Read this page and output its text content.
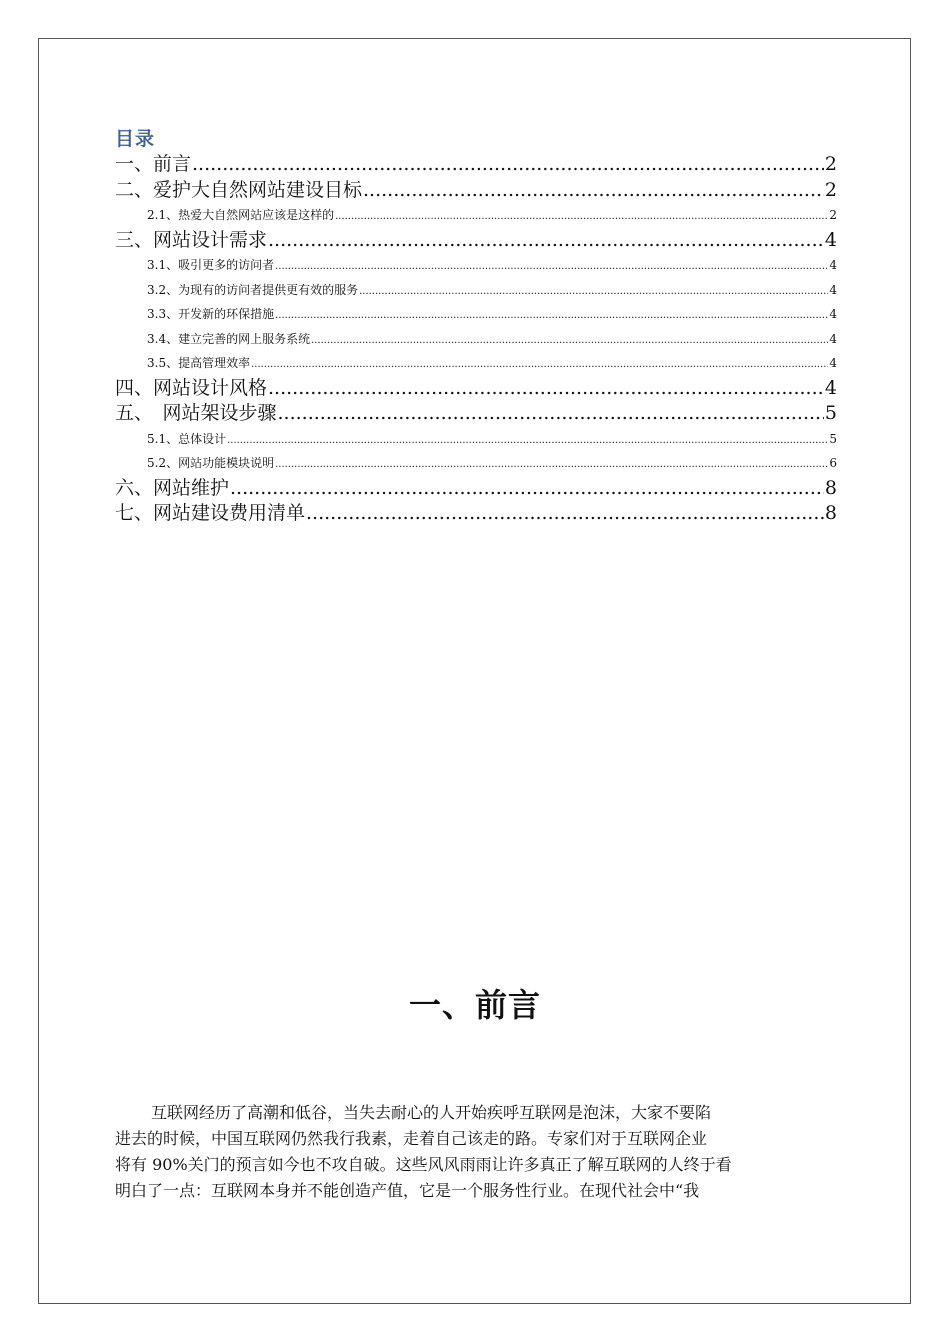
目录
一、前言 .....	2
二、爱护大自然网站建设目标 .....	2
2.1、热爱大自然网站应该是这样的 .....	2
三、网站设计需求 .....	4
3.1、吸引更多的访问者 .....	4
3.2、为现有的访问者提供更有效的服务 .....	4
3.3、开发新的环保措施 .....	4
3.4、建立完善的网上服务系统 .....	4
3.5、提高管理效率 .....	4
四、网站设计风格 .....	4
五、　网站架设步骤 .....	5
5.1、总体设计 .....	5
5.2、网站功能模块说明 .....	6
六、网站维护 .....	8
七、网站建设费用清单 .....	8
一、前言
互联网经历了高潮和低谷，当失去耐心的人开始疾呼互联网是泡沫，大家不要陷
进去的时候，中国互联网仍然我行我素，走着自己该走的路。专家们对于互联网企业
将有 90%关门的预言如今也不攻自破。这些风风雨雨让许多真正了解互联网的人终于看
明白了一点：互联网本身并不能创造产值，它是一个服务性行业。在现代社会中“我
